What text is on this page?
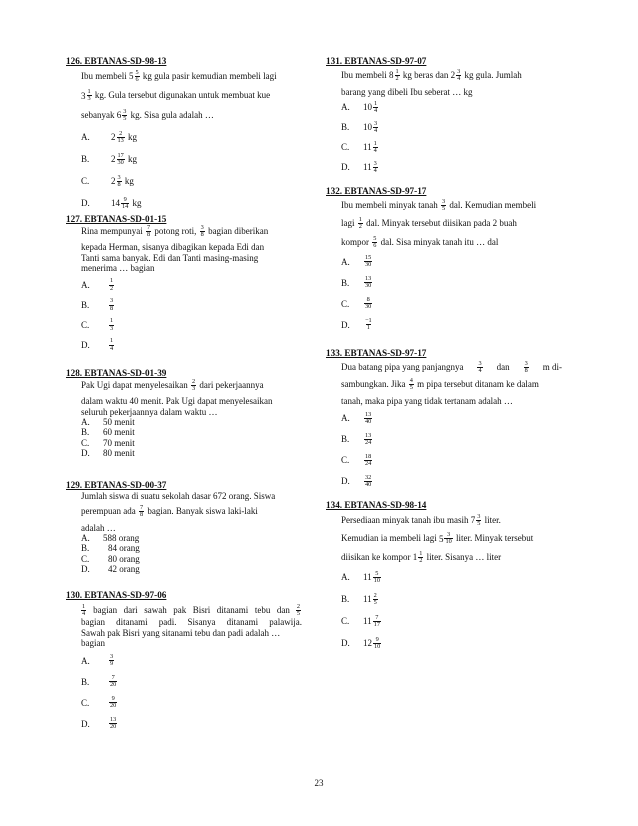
126. EBTANAS-SD-98-13
Ibu membeli 5 5
6 kg gula pasir kemudian membeli lagi
3 1
3 kg. Gula tersebut digunakan untuk membuat kue
sebanyak 6 3
5 kg. Sisa gula adalah …
A.	2 2
13
kg
B.	2 17
30
kg
C.	2 3
8
kg
D.	14 9
14
kg
127. EBTANAS-SD-01-15
Rina mempunyai $\frac{7}{8}$ potong roti, $\frac{3}{8}$ bagian diberikan
kepada Herman, sisanya dibagikan kepada Edi dan
Tanti sama banyak. Edi dan Tanti masing-masing
menerima … bagian
A.	1
2
B.	3
8
C.	1
3
D.	1
4
128. EBTANAS-SD-01-39
Pak Ugi dapat menyelesaikan $\frac{2}{3}$ dari pekerjaannya
dalam waktu 40 menit. Pak Ugi dapat menyelesaikan
seluruh pekerjaannya dalam waktu …
A.	50 menit
B.	60 menit
C.	70 menit
D.	80 menit
129. EBTANAS-SD-00-37
Jumlah siswa di suatu sekolah dasar 672 orang. Siswa
perempuan ada $\frac{7}{8}$ bagian. Banyak siswa laki-laki
adalah …
A.	588 orang
B.	84 orang
C.	80 orang
D.	42 orang
130. EBTANAS-SD-97-06
1
4 bagian dari sawah pak Bisri ditanami tebu dan 2
5
bagian ditanami padi. Sisanya ditanami palawija.
Sawah pak Bisri yang sitanami tebu dan padi adalah …
bagian
A.	3
9
B.	7
20
C.	9
20
D.	13
20
131. EBTANAS-SD-97-07
Ibu membeli 8 1
2 kg beras dan 2 3
4 kg gula. Jumlah
barang yang dibeli Ibu seberat … kg
A.	10 1
4
B.	10 3
4
C.	11 1
4
D.	11 3
4
132. EBTANAS-SD-97-17
Ibu membeli minyak tanah $\frac{3}{5}$ dal. Kemudian membeli
lagi $\frac{1}{2}$ dal. Minyak tersebut diisikan pada 2 buah
kompor $\frac{5}{6}$ dal. Sisa minyak tanah itu … dal
A.	15
30
B.	13
30
C.	8
30
D.	−1
1
133. EBTANAS-SD-97-17
Dua batang pipa yang panjangnya 3
4 dan 3
8 m di-
sambungkan. Jika $\frac{4}{5}$ m pipa tersebut ditanam ke dalam
tanah, maka pipa yang tidak tertanam adalah …
A.	13
40
B.	13
24
C.	18
24
D.	32
40
134. EBTANAS-SD-98-14
Persediaan minyak tanah ibu masih 7 3
5 liter.
Kemudian ia membeli lagi 5 3
10 liter. Minyak tersebut
diisikan ke kompor 1 1
2 liter. Sisanya … liter
A.	11 5
10
B.	11 2
5
C.	11 7
17
D.	12 9
10
23
